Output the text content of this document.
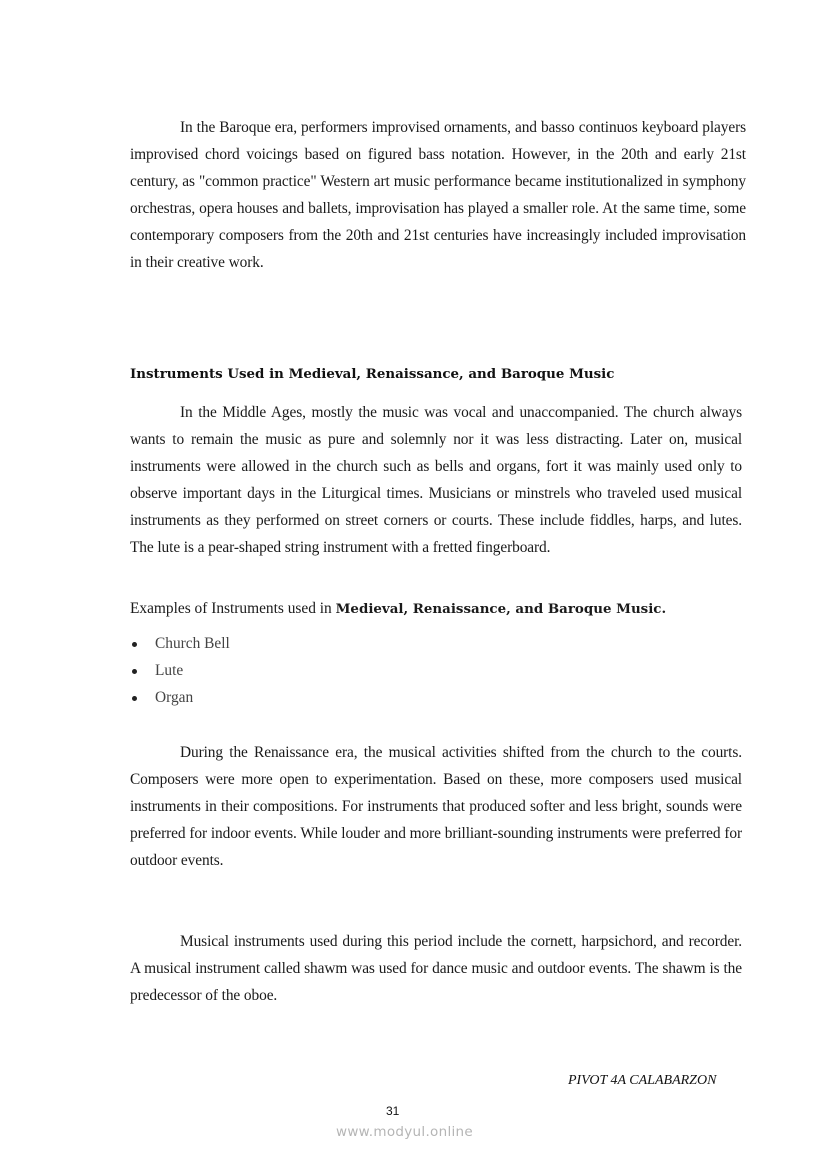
In the Baroque era, performers improvised ornaments, and basso continuos keyboard players improvised chord voicings based on figured bass notation. However, in the 20th and early 21st century, as "common practice" Western art music performance became institutionalized in symphony orchestras, opera houses and ballets, improvisation has played a smaller role. At the same time, some contemporary composers from the 20th and 21st centuries have increasingly included improvisation in their creative work.

Instruments Used in Medieval, Renaissance, and Baroque Music

In the Middle Ages, mostly the music was vocal and unaccompanied. The church always wants to remain the music as pure and solemnly nor it was less distracting. Later on, musical instruments were allowed in the church such as bells and organs, fort it was mainly used only to observe important days in the Liturgical times. Musicians or minstrels who traveled used musical instruments as they performed on street corners or courts. These include fiddles, harps, and lutes. The lute is a pear-shaped string instrument with a fretted fingerboard.

Examples of Instruments used in Medieval, Renaissance, and Baroque Music.

Church Bell
Lute
Organ

During the Renaissance era, the musical activities shifted from the church to the courts. Composers were more open to experimentation. Based on these, more composers used musical instruments in their compositions. For instruments that produced softer and less bright, sounds were preferred for indoor events. While louder and more brilliant-sounding instruments were preferred for outdoor events.

Musical instruments used during this period include the cornett, harpsichord, and recorder. A musical instrument called shawm was used for dance music and outdoor events. The shawm is the predecessor of the oboe.

PIVOT 4A CALABARZON

31

www.modyul.online
